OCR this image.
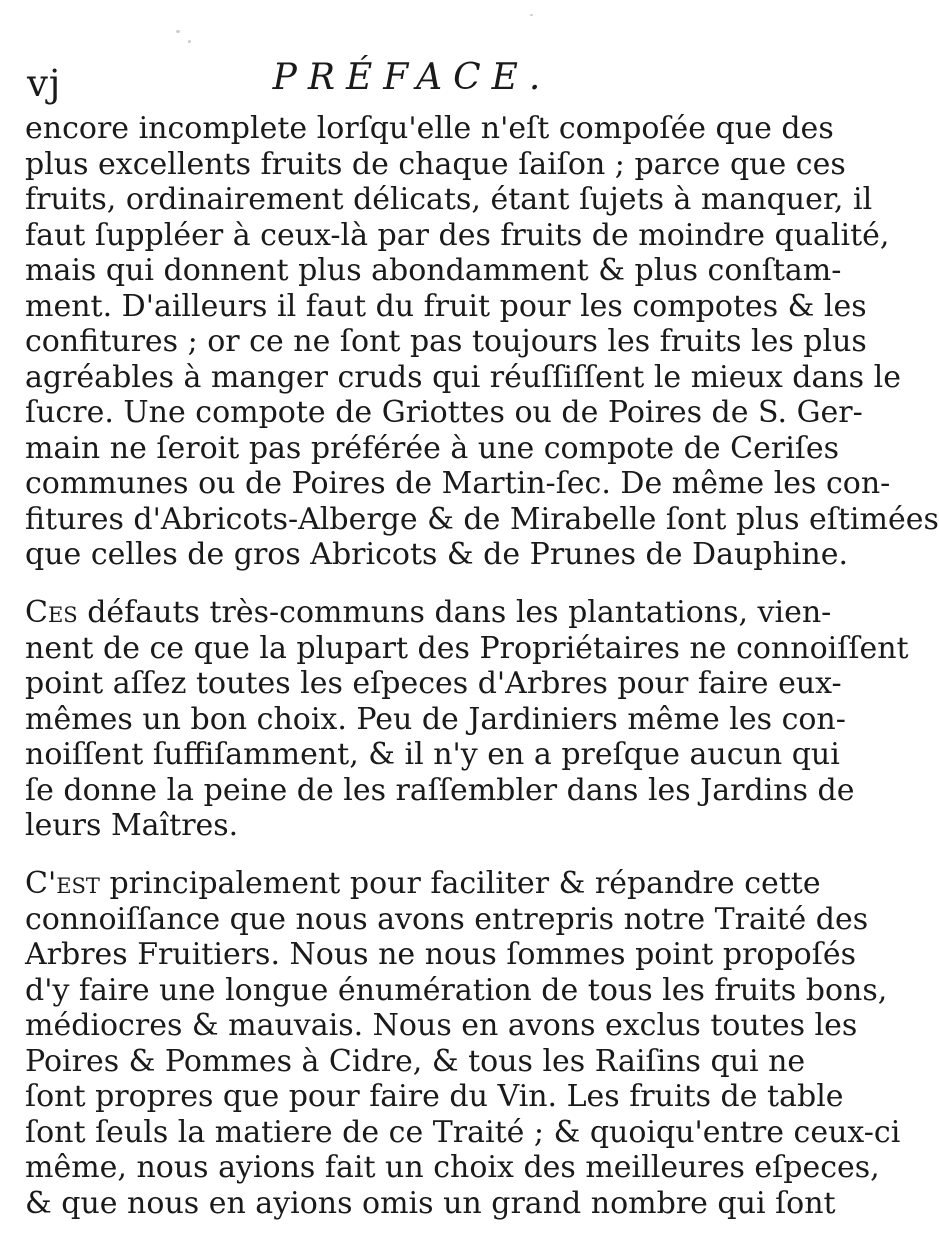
vj	PRÉFACE.
encore incomplete lorſqu'elle n'eſt compoſée que des
plus excellents fruits de chaque ſaiſon ; parce que ces
fruits, ordinairement délicats, étant ſujets à manquer, il
faut ſuppléer à ceux-là par des fruits de moindre qualité,
mais qui donnent plus abondamment & plus conſtam-
ment. D'ailleurs il faut du fruit pour les compotes & les
confitures ; or ce ne ſont pas toujours les fruits les plus
agréables à manger cruds qui réuſſiſſent le mieux dans le
ſucre. Une compote de Griottes ou de Poires de S. Ger-
main ne ſeroit pas préférée à une compote de Ceriſes
communes ou de Poires de Martin-ſec. De même les con-
fitures d'Abricots-Alberge & de Mirabelle ſont plus eſtimées
que celles de gros Abricots & de Prunes de Dauphine.
Ces défauts très-communs dans les plantations, vien-
nent de ce que la plupart des Propriétaires ne connoiſſent
point aſſez toutes les eſpeces d'Arbres pour faire eux-
mêmes un bon choix. Peu de Jardiniers même les con-
noiſſent ſuffiſamment, & il n'y en a preſque aucun qui
ſe donne la peine de les raſſembler dans les Jardins de
leurs Maîtres.
C'est principalement pour faciliter & répandre cette
connoiſſance que nous avons entrepris notre Traité des
Arbres Fruitiers. Nous ne nous ſommes point propoſés
d'y faire une longue énumération de tous les fruits bons,
médiocres & mauvais. Nous en avons exclus toutes les
Poires & Pommes à Cidre, & tous les Raiſins qui ne
ſont propres que pour faire du Vin. Les fruits de table
ſont ſeuls la matiere de ce Traité ; & quoiqu'entre ceux-ci
même, nous ayions fait un choix des meilleures eſpeces,
& que nous en ayions omis un grand nombre qui ſont
